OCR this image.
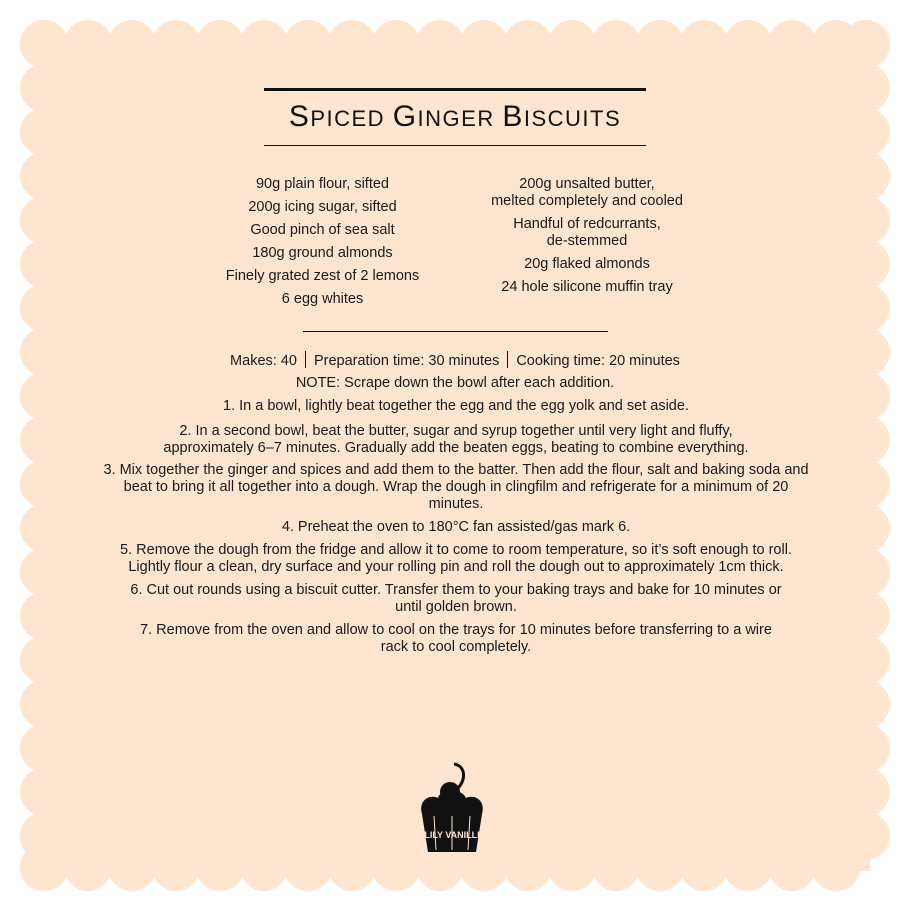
SPICED GINGER BISCUITS
90g plain flour, sifted
200g icing sugar, sifted
Good pinch of sea salt
180g ground almonds
Finely grated zest of 2 lemons
6 egg whites
200g unsalted butter,
melted completely and cooled
Handful of redcurrants,
de-stemmed
20g flaked almonds
24 hole silicone muffin tray
Makes: 40 Preparation time: 30 minutes Cooking time: 20 minutes
NOTE: Scrape down the bowl after each addition.
1. In a bowl, lightly beat together the egg and the egg yolk and set aside.
2. In a second bowl, beat the butter, sugar and syrup together until very light and fluffy, approximately 6–7 minutes. Gradually add the beaten eggs, beating to combine everything.
3. Mix together the ginger and spices and add them to the batter. Then add the flour, salt and baking soda and beat to bring it all together into a dough. Wrap the dough in clingfilm and refrigerate for a minimum of 20 minutes.
4. Preheat the oven to 180°C fan assisted/gas mark 6.
5. Remove the dough from the fridge and allow it to come to room temperature, so it’s soft enough to roll. Lightly flour a clean, dry surface and your rolling pin and roll the dough out to approximately 1cm thick.
6. Cut out rounds using a biscuit cutter. Transfer them to your baking trays and bake for 10 minutes or until golden brown.
7. Remove from the oven and allow to cool on the trays for 10 minutes before transferring to a wire rack to cool completely.
LILY VANILLI
